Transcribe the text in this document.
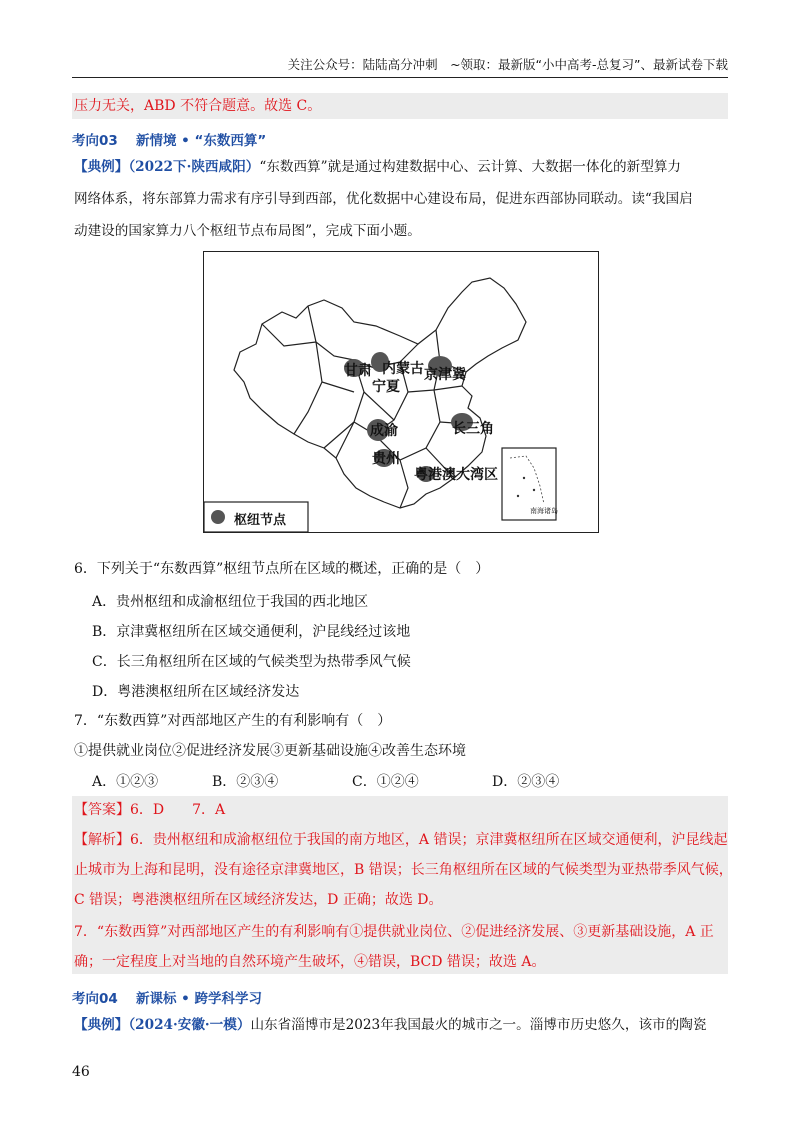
关注公众号：陆陆高分冲刺　~领取：最新版“小中高考-总复习”、最新试卷下载
压力无关，ABD 不符合题意。故选 C。
考向03　 新情境 • “东数西算”
【典例】（2022下·陕西咸阳）“东数西算”就是通过构建数据中心、云计算、大数据一体化的新型算力
网络体系，将东部算力需求有序引导到西部，优化数据中心建设布局，促进东西部协同联动。读“我国启
动建设的国家算力八个枢纽节点布局图”，完成下面小题。
甘肃 内蒙古 京津冀
宁夏
成渝	长三角
贵州
粤港澳大湾区
南海诸岛
枢纽节点
6．下列关于“东数西算”枢纽节点所在区域的概述，正确的是（　）
A．贵州枢纽和成渝枢纽位于我国的西北地区
B．京津冀枢纽所在区域交通便利，沪昆线经过该地
C．长三角枢纽所在区域的气候类型为热带季风气候
D．粤港澳枢纽所在区域经济发达
7．“东数西算”对西部地区产生的有利影响有（　）
①提供就业岗位②促进经济发展③更新基础设施④改善生态环境
A．①②③	B．②③④	C．①②④	D．②③④
【答案】6．D　　7．A
【解析】6．贵州枢纽和成渝枢纽位于我国的南方地区，A 错误；京津冀枢纽所在区域交通便利，沪昆线起
止城市为上海和昆明，没有途径京津冀地区，B 错误；长三角枢纽所在区域的气候类型为亚热带季风气候，
C 错误；粤港澳枢纽所在区域经济发达，D 正确；故选 D。
7．“东数西算”对西部地区产生的有利影响有①提供就业岗位、②促进经济发展、③更新基础设施，A 正
确；一定程度上对当地的自然环境产生破坏，④错误，BCD 错误；故选 A。
考向04　 新课标 • 跨学科学习
【典例】（2024·安徽·一模）山东省淄博市是2023年我国最火的城市之一。淄博市历史悠久，该市的陶瓷
46
